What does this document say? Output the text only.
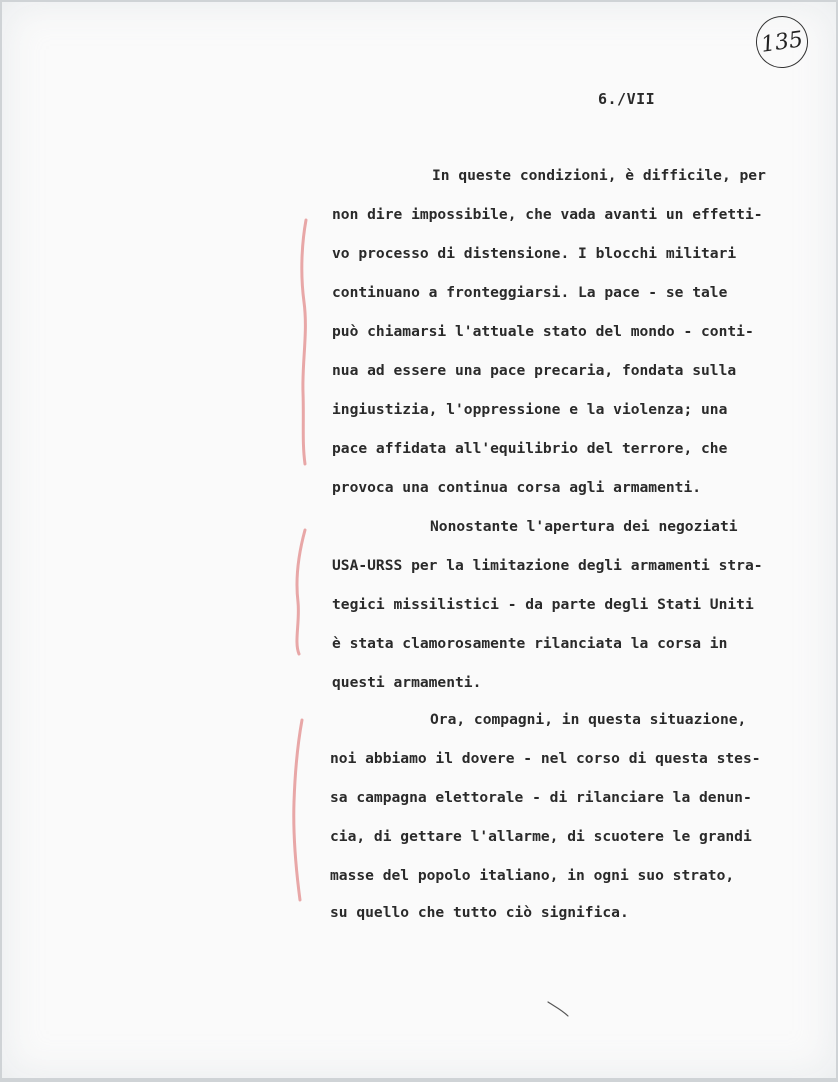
135
6./VII
In queste condizioni, è difficile, per
non dire impossibile, che vada avanti un effetti-
vo processo di distensione. I blocchi militari
continuano a fronteggiarsi. La pace - se tale
può chiamarsi l'attuale stato del mondo - conti-
nua ad essere una pace precaria, fondata sulla
ingiustizia, l'oppressione e la violenza; una
pace affidata all'equilibrio del terrore, che
provoca una continua corsa agli armamenti.
Nonostante l'apertura dei negoziati
USA-URSS per la limitazione degli armamenti stra-
tegici missilistici - da parte degli Stati Uniti
è stata clamorosamente rilanciata la corsa in
questi armamenti.
Ora, compagni, in questa situazione,
noi abbiamo il dovere - nel corso di questa stes-
sa campagna elettorale - di rilanciare la denun-
cia, di gettare l'allarme, di scuotere le grandi
masse del popolo italiano, in ogni suo strato,
su quello che tutto ciò significa.
